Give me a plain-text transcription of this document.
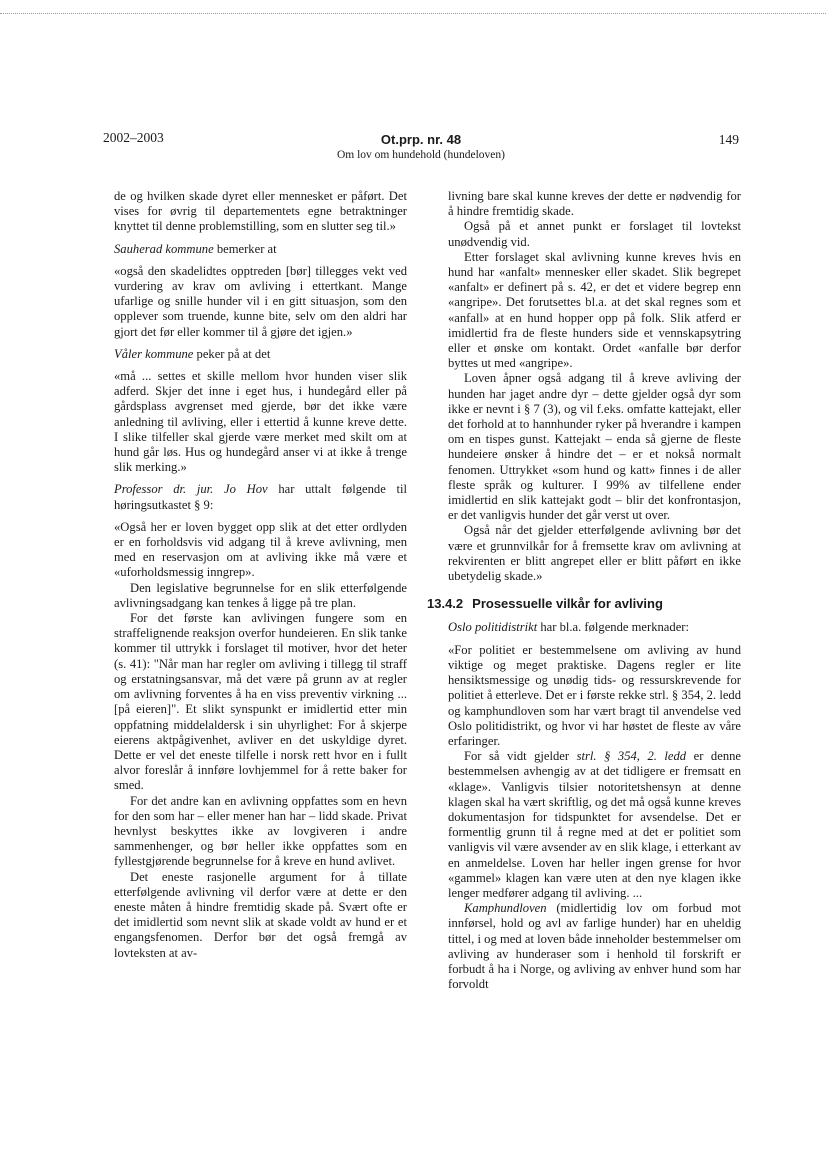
2002–2003	Ot.prp. nr. 48
Om lov om hundehold (hundeloven)
149

de og hvilken skade dyret eller mennesket er påført. Det vises for øvrig til departementets egne betraktninger knyttet til denne problemstilling, som en slutter seg til.»

Sauherad kommune bemerker at

«også den skadelidtes opptreden [bør] tillegges vekt ved vurdering av krav om avliving i ettertkant. Mange ufarlige og snille hunder vil i en gitt situasjon, som den opplever som truende, kunne bite, selv om den aldri har gjort det før eller kommer til å gjøre det igjen.»

Våler kommune peker på at det

«må ... settes et skille mellom hvor hunden viser slik adferd. Skjer det inne i eget hus, i hundegård eller på gårdsplass avgrenset med gjerde, bør det ikke være anledning til avliving, eller i ettertid å kunne kreve dette. I slike tilfeller skal gjerde være merket med skilt om at hund går løs. Hus og hundegård anser vi at ikke å trenge slik merking.»

Professor dr. jur. Jo Hov har uttalt følgende til høringsutkastet § 9:

«Også her er loven bygget opp slik at det etter ordlyden er en forholdsvis vid adgang til å kreve avlivning, men med en reservasjon om at avliving ikke må være et «uforholdsmessig inngrep».

Den legislative begrunnelse for en slik etterfølgende avlivningsadgang kan tenkes å ligge på tre plan.

For det første kan avlivingen fungere som en straffelignende reaksjon overfor hundeieren. En slik tanke kommer til uttrykk i forslaget til motiver, hvor det heter (s. 41): "Når man har regler om avliving i tillegg til straff og erstatningsansvar, må det være på grunn av at regler om avlivning forventes å ha en viss preventiv virkning ... [på eieren]". Et slikt synspunkt er imidlertid etter min oppfatning middelaldersk i sin uhyrlighet: For å skjerpe eierens aktpågivenhet, avliver en det uskyldige dyret. Dette er vel det eneste tilfelle i norsk rett hvor en i fullt alvor foreslår å innføre lovhjemmel for å rette baker for smed.

For det andre kan en avlivning oppfattes som en hevn for den som har – eller mener han har – lidd skade. Privat hevnlyst beskyttes ikke av lovgiveren i andre sammenhenger, og bør heller ikke oppfattes som en fyllestgjørende begrunnelse for å kreve en hund avlivet.

Det eneste rasjonelle argument for å tillate etterfølgende avlivning vil derfor være at dette er den eneste måten å hindre fremtidig skade på. Svært ofte er det imidlertid som nevnt slik at skade voldt av hund er et engangsfenomen. Derfor bør det også fremgå av lovteksten at av-

livning bare skal kunne kreves der dette er nødvendig for å hindre fremtidig skade.

Også på et annet punkt er forslaget til lovtekst unødvendig vid.

Etter forslaget skal avlivning kunne kreves hvis en hund har «anfalt» mennesker eller skadet. Slik begrepet «anfalt» er definert på s. 42, er det et videre begrep enn «angripe». Det forutsettes bl.a. at det skal regnes som et «anfall» at en hund hopper opp på folk. Slik atferd er imidlertid fra de fleste hunders side et vennskapsytring eller et ønske om kontakt. Ordet «anfalle bør derfor byttes ut med «angripe».

Loven åpner også adgang til å kreve avliving der hunden har jaget andre dyr – dette gjelder også dyr som ikke er nevnt i § 7 (3), og vil f.eks. omfatte kattejakt, eller det forhold at to hannhunder ryker på hverandre i kampen om en tispes gunst. Kattejakt – enda så gjerne de fleste hundeiere ønsker å hindre det – er et nokså normalt fenomen. Uttrykket «som hund og katt» finnes i de aller fleste språk og kulturer. I 99% av tilfellene ender imidlertid en slik kattejakt godt – blir det konfrontasjon, er det vanligvis hunder det går verst ut over.

Også når det gjelder etterfølgende avlivning bør det være et grunnvilkår for å fremsette krav om avlivning at rekvirenten er blitt angrepet eller er blitt påført en ikke ubetydelig skade.»

13.4.2 Prosessuelle vilkår for avliving

Oslo politidistrikt har bl.a. følgende merknader:

«For politiet er bestemmelsene om avliving av hund viktige og meget praktiske. Dagens regler er lite hensiktsmessige og unødig tids- og ressurskrevende for politiet å etterleve. Det er i første rekke strl. § 354, 2. ledd og kamphundloven som har vært bragt til anvendelse ved Oslo politidistrikt, og hvor vi har høstet de fleste av våre erfaringer.

For så vidt gjelder strl. § 354, 2. ledd er denne bestemmelsen avhengig av at det tidligere er fremsatt en «klage». Vanligvis tilsier notoritetshensyn at denne klagen skal ha vært skriftlig, og det må også kunne kreves dokumentasjon for tidspunktet for avsendelse. Det er formentlig grunn til å regne med at det er politiet som vanligvis vil være avsender av en slik klage, i etterkant av en anmeldelse. Loven har heller ingen grense for hvor «gammel» klagen kan være uten at den nye klagen ikke lenger medfører adgang til avliving. ...

Kamphundloven (midlertidig lov om forbud mot innførsel, hold og avl av farlige hunder) har en uheldig tittel, i og med at loven både inneholder bestemmelser om avliving av hunderaser som i henhold til forskrift er forbudt å ha i Norge, og avliving av enhver hund som har forvoldt
